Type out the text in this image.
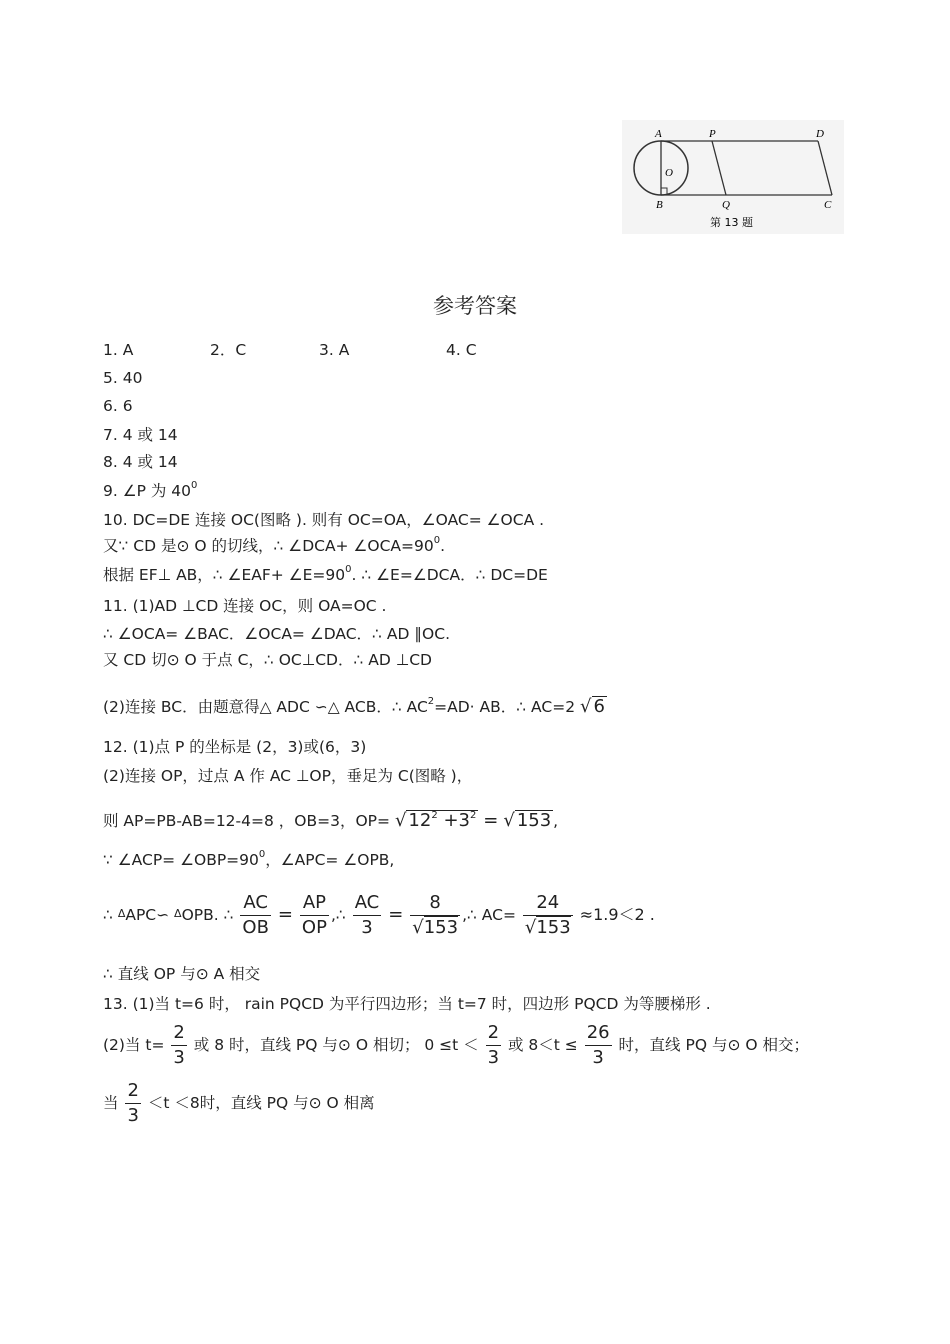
A	P	D
O
B	Q	C
第 13 题
参考答案
1. A	2．C	3. A	4. C
5. 40
6. 6
7. 4 或 14
8. 4 或 14
9. ∠P 为 $40^0$
10. DC=DE 连接 OC(图略 ). 则有 OC=OA，∠OAC= ∠OCA .
又∵ CD 是⊙ O 的切线，∴ ∠DCA+ $\angle OCA=90^0$.
根据 EF⊥ AB，∴ ∠EAF+ $\angle E=90^0$. ∴ ∠E=∠DCA．∴ DC=DE
11. (1)AD ⊥CD 连接 OC，则 OA=OC .
∴ ∠OCA= ∠BAC．∠OCA= ∠DAC．∴ AD ∥OC.
又 CD 切⊙ O 于点 C，∴ OC⊥CD．∴ AD ⊥CD
(2)连接 BC．由题意得△ ADC ∽△ ACB．∴ $AC^2=AD\cdot$ AB．∴ AC=2 √ 6
12. (1)点 P 的坐标是 (2，3)或(6，3)
(2)连接 OP，过点 A 作 AC ⊥OP，垂足为 C(图略 )，
则 AP=PB-AB=12-4=8 ，OB=3，OP= √ $12^2 +3^2$ = √ 153 ,
∵ ∠ACP= $\angle OBP=90^0$，∠APC= ∠OPB,
∴ ΔAPC∽ ΔOPB. ∴ $\frac{AC}{OB} = \frac{AP}{OP}$ ,∴ $\frac{AC}{3} = \frac{8}{√153}$ ,∴ $AC= \frac{24}{√153} \approx 1.9<2$ .
∴ 直线 OP 与⊙ A 相交
13. (1)当 t=6 时， rain PQCD 为平行四边形；当 t=7 时，四边形 PQCD 为等腰梯形 .
(2)当 $t= \frac{2}{3}$ 或 8 时，直线 PQ 与⊙ O 相切； $0 \le t < \frac{2}{3}$ 或 $8<t \le \frac{26}{3}$ 时，直线 PQ 与⊙ O 相交；
当 $\frac{2}{3} <t <8$时，直线 PQ 与⊙ O 相离
